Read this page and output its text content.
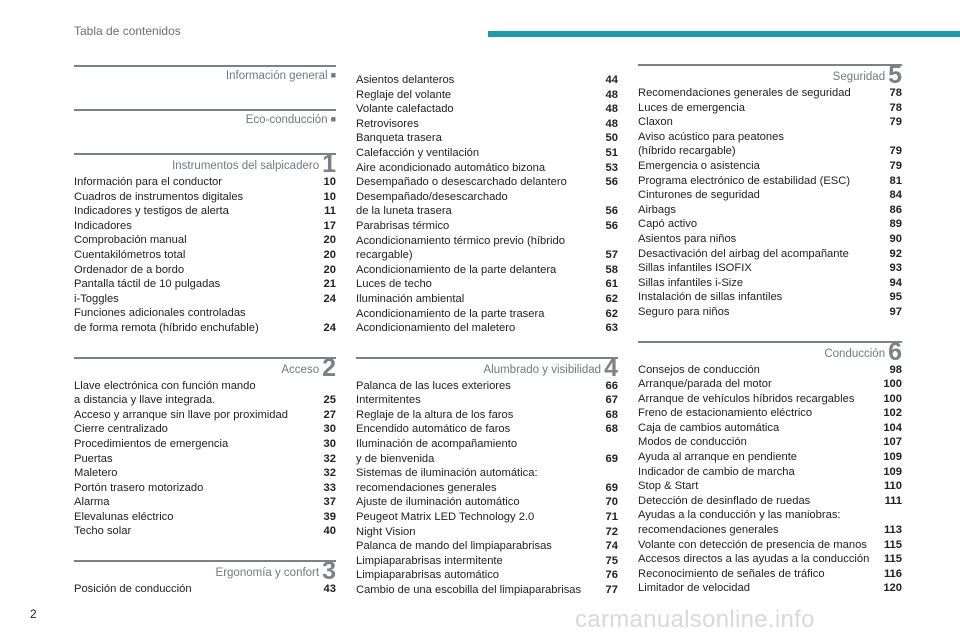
Tabla de contenidos
Información general ■
Eco-conducción ■
Instrumentos del salpicadero 1
Información para el conductor	10
Cuadros de instrumentos digitales	10
Indicadores y testigos de alerta	11
Indicadores	17
Comprobación manual	20
Cuentakilómetros total	20
Ordenador de a bordo	20
Pantalla táctil de 10 pulgadas	21
i-Toggles	24
Funciones adicionales controladas
de forma remota (híbrido enchufable)	24
Acceso 2
Llave electrónica con función mando
a distancia y llave integrada.	25
Acceso y arranque sin llave por proximidad	27
Cierre centralizado	30
Procedimientos de emergencia	30
Puertas	32
Maletero	32
Portón trasero motorizado	33
Alarma	37
Elevalunas eléctrico	39
Techo solar	40
Ergonomía y confort 3
Posición de conducción	43
Asientos delanteros	44
Reglaje del volante	48
Volante calefactado	48
Retrovisores	48
Banqueta trasera	50
Calefacción y ventilación	51
Aire acondicionado automático bizona	53
Desempañado o desescarchado delantero	56
Desempañado/desescarchado
de la luneta trasera	56
Parabrisas térmico	56
Acondicionamiento térmico previo (híbrido
recargable)	57
Acondicionamiento de la parte delantera	58
Luces de techo	61
Iluminación ambiental	62
Acondicionamiento de la parte trasera	62
Acondicionamiento del maletero	63
Alumbrado y visibilidad 4
Palanca de las luces exteriores	66
Intermitentes	67
Reglaje de la altura de los faros	68
Encendido automático de faros	68
Iluminación de acompañamiento
y de bienvenida	69
Sistemas de iluminación automática:
recomendaciones generales	69
Ajuste de iluminación automático	70
Peugeot Matrix LED Technology 2.0	71
Night Vision	72
Palanca de mando del limpiaparabrisas	74
Limpiaparabrisas intermitente	75
Limpiaparabrisas automático	76
Cambio de una escobilla del limpiaparabrisas 77
Seguridad 5
Recomendaciones generales de seguridad	78
Luces de emergencia	78
Claxon	79
Aviso acústico para peatones
(híbrido recargable)	79
Emergencia o asistencia	79
Programa electrónico de estabilidad (ESC)	81
Cinturones de seguridad	84
Airbags	86
Capó activo	89
Asientos para niños	90
Desactivación del airbag del acompañante	92
Sillas infantiles ISOFIX	93
Sillas infantiles i-Size	94
Instalación de sillas infantiles	95
Seguro para niños	97
Conducción 6
Consejos de conducción	98
Arranque/parada del motor	100
Arranque de vehículos híbridos recargables	100
Freno de estacionamiento eléctrico	102
Caja de cambios automática	104
Modos de conducción	107
Ayuda al arranque en pendiente	109
Indicador de cambio de marcha	109
Stop & Start	110
Detección de desinflado de ruedas	111
Ayudas a la conducción y las maniobras:
recomendaciones generales	113
Volante con detección de presencia de manos 115
Accesos directos a las ayudas a la conducción 115
Reconocimiento de señales de tráfico	116
Limitador de velocidad	120
2	carmanualsonline.info
